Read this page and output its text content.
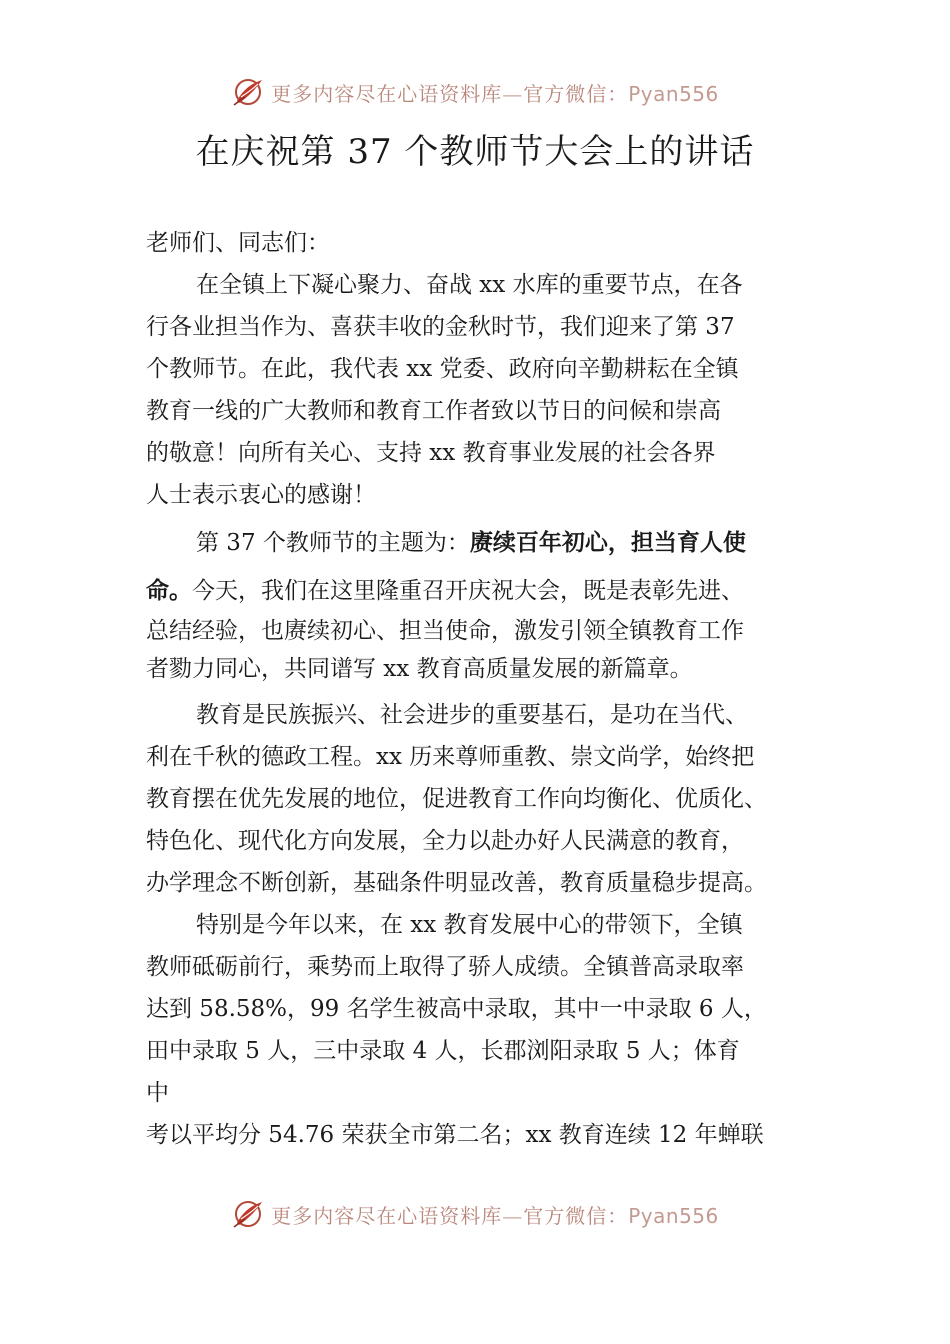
更多内容尽在心语资料库—官方微信：Pyan556
在庆祝第 37 个教师节大会上的讲话
老师们、同志们：
在全镇上下凝心聚力、奋战 xx 水库的重要节点，在各
行各业担当作为、喜获丰收的金秋时节，我们迎来了第 37
个教师节。在此，我代表 xx 党委、政府向辛勤耕耘在全镇
教育一线的广大教师和教育工作者致以节日的问候和崇高
的敬意！向所有关心、支持 xx 教育事业发展的社会各界
人士表示衷心的感谢！
第 37 个教师节的主题为： 赓续百年初心，担当育人使
命。 今天，我们在这里隆重召开庆祝大会，既是表彰先进、
总结经验，也赓续初心、担当使命，激发引领全镇教育工作
者勠力同心，共同谱写 xx 教育高质量发展的新篇章。
教育是民族振兴、社会进步的重要基石，是功在当代、
利在千秋的德政工程。xx 历来尊师重教、崇文尚学，始终把
教育摆在优先发展的地位，促进教育工作向均衡化、优质化、
特色化、现代化方向发展，全力以赴办好人民满意的教育，
办学理念不断创新，基础条件明显改善，教育质量稳步提高。
特别是今年以来，在 xx 教育发展中心的带领下，全镇
教师砥砺前行，乘势而上取得了骄人成绩。全镇普高录取率
达到 58.58%，99 名学生被高中录取，其中一中录取 6 人，
田中录取 5 人，三中录取 4 人，长郡浏阳录取 5 人；体育
中
考以平均分 54.76 荣获全市第二名；xx 教育连续 12 年蝉联
更多内容尽在心语资料库—官方微信：Pyan556
